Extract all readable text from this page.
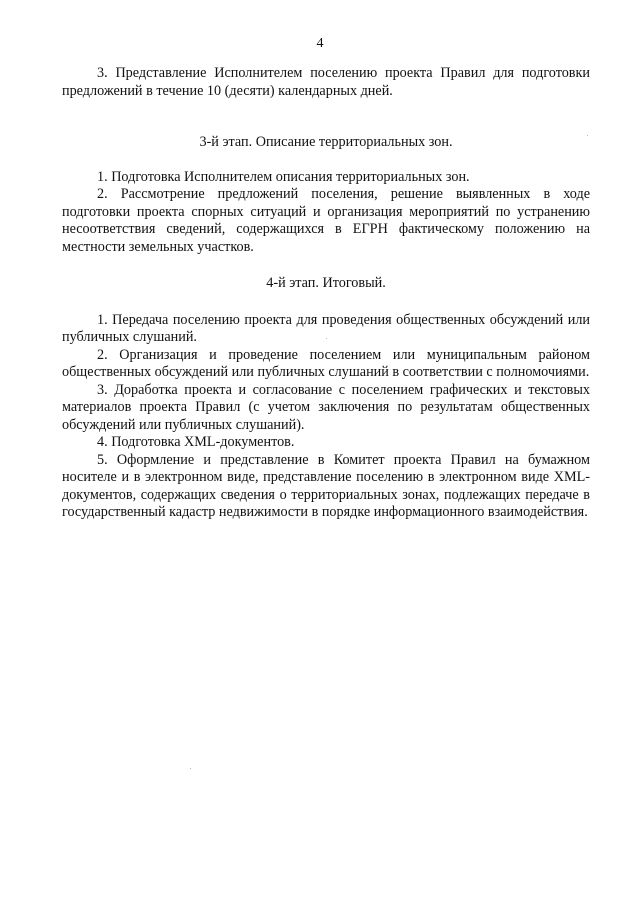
4

3. Представление Исполнителем поселению проекта Правил для подготовки предложений в течение 10 (десяти) календарных дней.

3-й этап. Описание территориальных зон.

1. Подготовка Исполнителем описания территориальных зон.

2. Рассмотрение предложений поселения, решение выявленных в ходе подготовки проекта спорных ситуаций и организация мероприятий по устранению несоответствия сведений, содержащихся в ЕГРН фактическому положению на местности земельных участков.

4-й этап. Итоговый.

1. Передача поселению проекта для проведения общественных обсуждений или публичных слушаний.

2. Организация и проведение поселением или муниципальным районом общественных обсуждений или публичных слушаний в соответствии с полномочиями.

3. Доработка проекта и согласование с поселением графических и текстовых материалов проекта Правил (с учетом заключения по результатам общественных обсуждений или публичных слушаний).

4. Подготовка XML-документов.

5. Оформление и представление в Комитет проекта Правил на бумажном носителе и в электронном виде, представление поселению в электронном виде XML-документов, содержащих сведения о территориальных зонах, подлежащих передаче в государственный кадастр недвижимости в порядке информационного взаимодействия.
